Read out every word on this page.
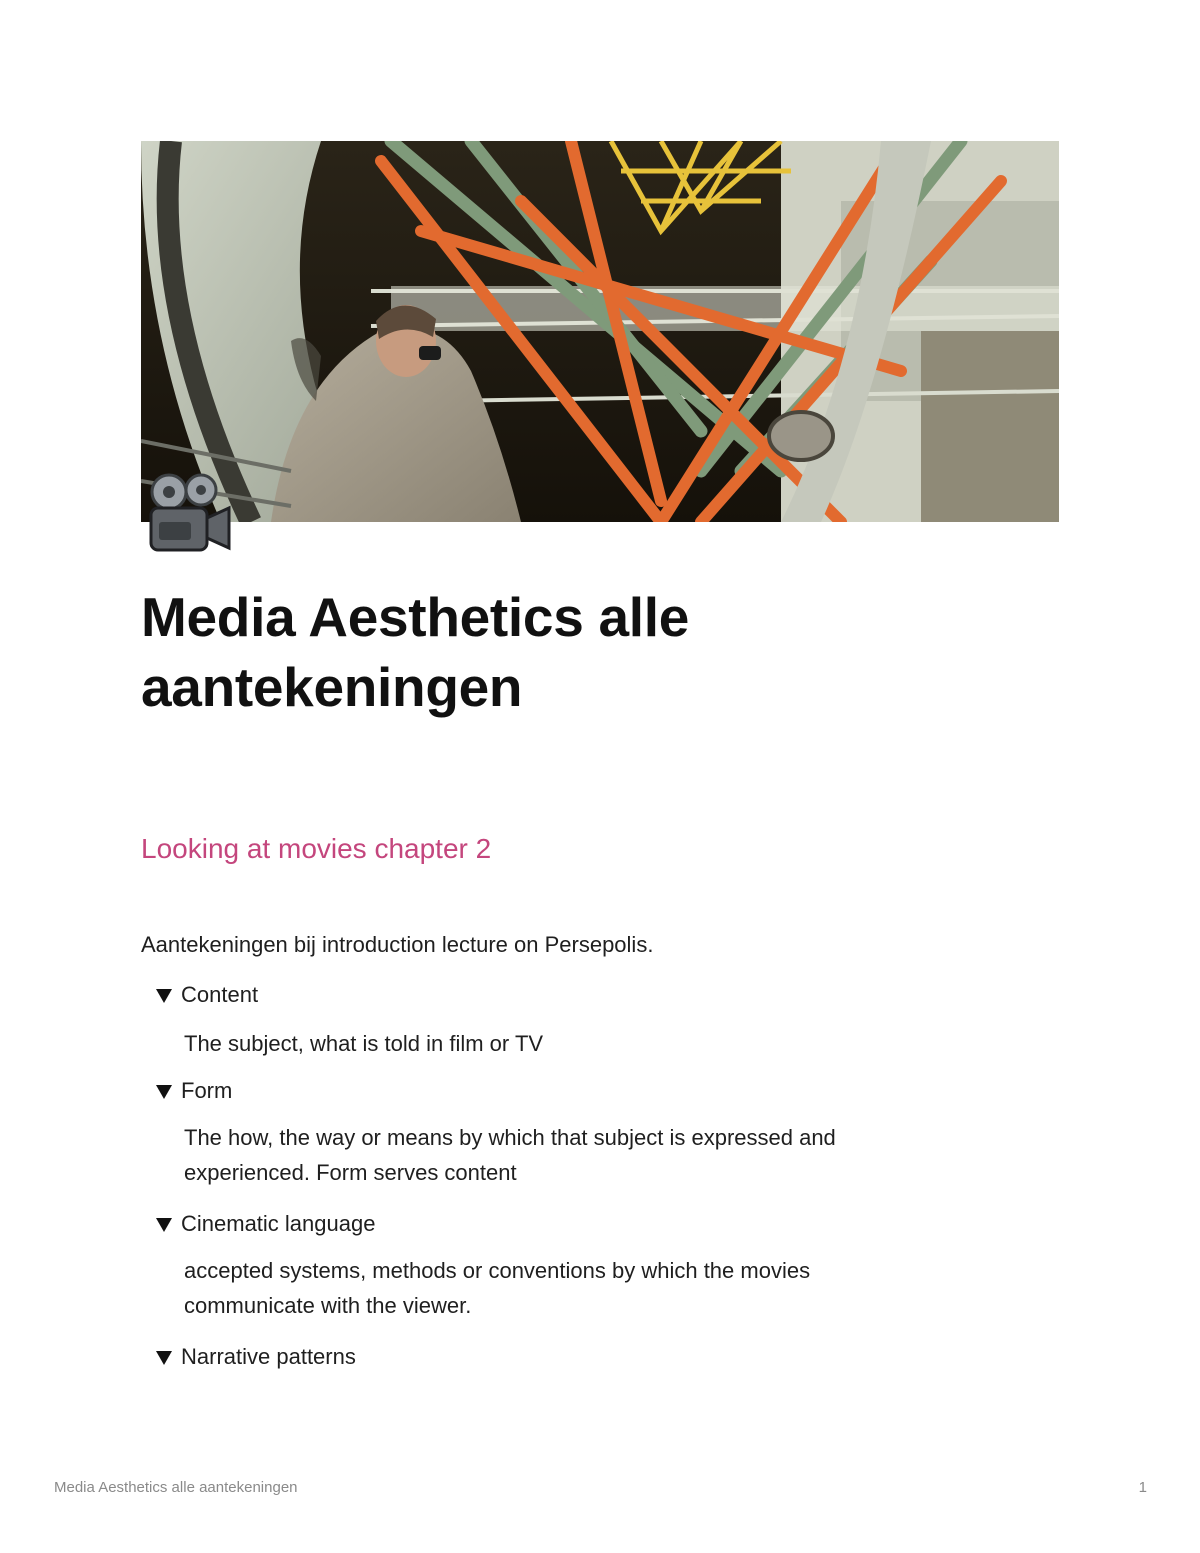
Media Aesthetics alle aantekeningen
Looking at movies chapter 2

Aantekeningen bij introduction lecture on Persepolis.

Content

The subject, what is told in film or TV

Form

The how, the way or means by which that subject is expressed and experienced. Form serves content

Cinematic language

accepted systems, methods or conventions by which the movies communicate with the viewer.

Narrative patterns
Media Aesthetics alle aantekeningen	1
